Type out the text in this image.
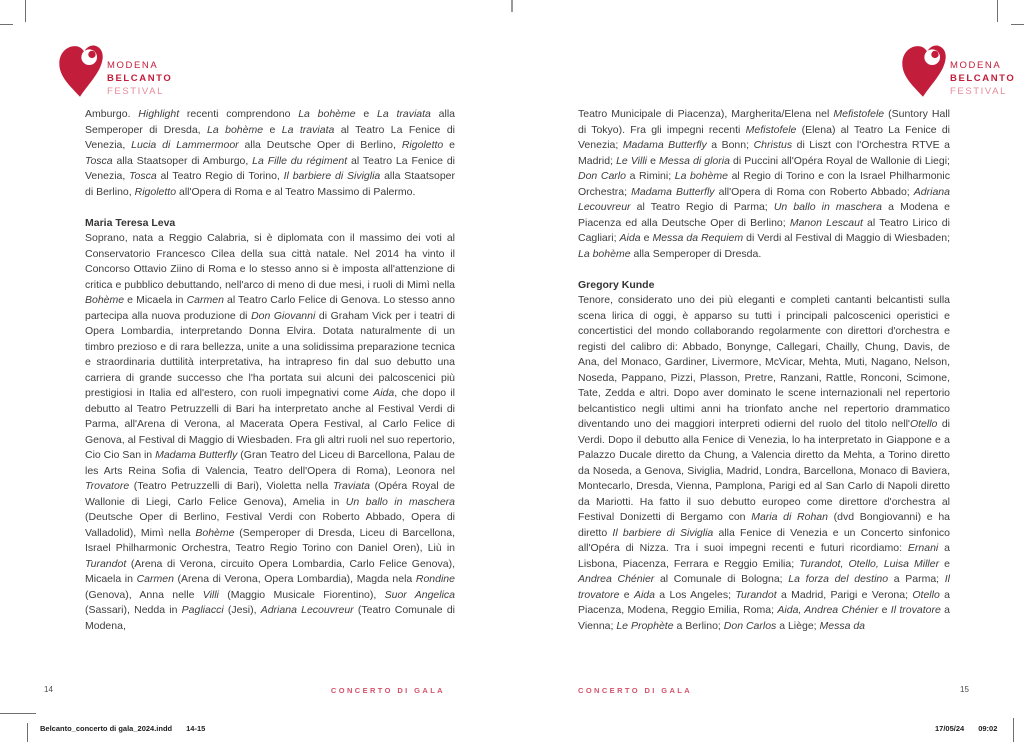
MODENA
BELCANTO
FESTIVAL

Amburgo. Highlight recenti comprendono La bohème e La traviata alla Semperoper di Dresda, La bohème e La traviata al Teatro La Fenice di Venezia, Lucia di Lammermoor alla Deutsche Oper di Berlino, Rigoletto e Tosca alla Staatsoper di Amburgo, La Fille du régiment al Teatro La Fenice di Venezia, Tosca al Teatro Regio di Torino, Il barbiere di Siviglia alla Staatsoper di Berlino, Rigoletto all'Opera di Roma e al Teatro Massimo di Palermo.

Maria Teresa Leva

Soprano, nata a Reggio Calabria, si è diplomata con il massimo dei voti al Conservatorio Francesco Cilea della sua città natale. Nel 2014 ha vinto il Concorso Ottavio Ziino di Roma e lo stesso anno si è imposta all'attenzione di critica e pubblico debuttando, nell'arco di meno di due mesi, i ruoli di Mimì nella Bohème e Micaela in Carmen al Teatro Carlo Felice di Genova. Lo stesso anno partecipa alla nuova produzione di Don Giovanni di Graham Vick per i teatri di Opera Lombardia, interpretando Donna Elvira. Dotata naturalmente di un timbro prezioso e di rara bellezza, unite a una solidissima preparazione tecnica e straordinaria duttilità interpretativa, ha intrapreso fin dal suo debutto una carriera di grande successo che l'ha portata sui alcuni dei palcoscenici più prestigiosi in Italia ed all'estero, con ruoli impegnativi come Aida, che dopo il debutto al Teatro Petruzzelli di Bari ha interpretato anche al Festival Verdi di Parma, all'Arena di Verona, al Macerata Opera Festival, al Carlo Felice di Genova, al Festival di Maggio di Wiesbaden. Fra gli altri ruoli nel suo repertorio, Cio Cio San in Madama Butterfly (Gran Teatro del Liceu di Barcellona, Palau de les Arts Reina Sofia di Valencia, Teatro dell'Opera di Roma), Leonora nel Trovatore (Teatro Petruzzelli di Bari), Violetta nella Traviata (Opéra Royal de Wallonie di Liegi, Carlo Felice Genova), Amelia in Un ballo in maschera (Deutsche Oper di Berlino, Festival Verdi con Roberto Abbado, Opera di Valladolid), Mimì nella Bohème (Semperoper di Dresda, Liceu di Barcellona, Israel Philharmonic Orchestra, Teatro Regio Torino con Daniel Oren), Liù in Turandot (Arena di Verona, circuito Opera Lombardia, Carlo Felice Genova), Micaela in Carmen (Arena di Verona, Opera Lombardia), Magda nela Rondine (Genova), Anna nelle Villi (Maggio Musicale Fiorentino), Suor Angelica (Sassari), Nedda in Pagliacci (Jesi), Adriana Lecouvreur (Teatro Comunale di Modena,

14	CONCERTO DI GALA
MODENA
BELCANTO
FESTIVAL

Teatro Municipale di Piacenza), Margherita/Elena nel Mefistofele (Suntory Hall di Tokyo). Fra gli impegni recenti Mefistofele (Elena) al Teatro La Fenice di Venezia; Madama Butterfly a Bonn; Christus di Liszt con l'Orchestra RTVE a Madrid; Le Villi e Messa di gloria di Puccini all'Opéra Royal de Wallonie di Liegi; Don Carlo a Rimini; La bohème al Regio di Torino e con la Israel Philharmonic Orchestra; Madama Butterfly all'Opera di Roma con Roberto Abbado; Adriana Lecouvreur al Teatro Regio di Parma; Un ballo in maschera a Modena e Piacenza ed alla Deutsche Oper di Berlino; Manon Lescaut al Teatro Lirico di Cagliari; Aida e Messa da Requiem di Verdi al Festival di Maggio di Wiesbaden; La bohème alla Semperoper di Dresda.

Gregory Kunde

Tenore, considerato uno dei più eleganti e completi cantanti belcantisti sulla scena lirica di oggi, è apparso su tutti i principali palcoscenici operistici e concertistici del mondo collaborando regolarmente con direttori d'orchestra e registi del calibro di: Abbado, Bonynge, Callegari, Chailly, Chung, Davis, de Ana, del Monaco, Gardiner, Livermore, McVicar, Mehta, Muti, Nagano, Nelson, Noseda, Pappano, Pizzi, Plasson, Pretre, Ranzani, Rattle, Ronconi, Scimone, Tate, Zedda e altri. Dopo aver dominato le scene internazionali nel repertorio belcantistico negli ultimi anni ha trionfato anche nel repertorio drammatico diventando uno dei maggiori interpreti odierni del ruolo del titolo nell'Otello di Verdi. Dopo il debutto alla Fenice di Venezia, lo ha interpretato in Giappone e a Palazzo Ducale diretto da Chung, a Valencia diretto da Mehta, a Torino diretto da Noseda, a Genova, Siviglia, Madrid, Londra, Barcellona, Monaco di Baviera, Montecarlo, Dresda, Vienna, Pamplona, Parigi ed al San Carlo di Napoli diretto da Mariotti. Ha fatto il suo debutto europeo come direttore d'orchestra al Festival Donizetti di Bergamo con Maria di Rohan (dvd Bongiovanni) e ha diretto Il barbiere di Siviglia alla Fenice di Venezia e un Concerto sinfonico all'Opéra di Nizza. Tra i suoi impegni recenti e futuri ricordiamo: Ernani a Lisbona, Piacenza, Ferrara e Reggio Emilia; Turandot, Otello, Luisa Miller e Andrea Chénier al Comunale di Bologna; La forza del destino a Parma; Il trovatore e Aida a Los Angeles; Turandot a Madrid, Parigi e Verona; Otello a Piacenza, Modena, Reggio Emilia, Roma; Aida, Andrea Chénier e Il trovatore a Vienna; Le Prophète a Berlino; Don Carlos a Liège; Messa da

CONCERTO DI GALA	15
Belcanto_concerto di gala_2024.indd 14-15	17/05/24 09:02
